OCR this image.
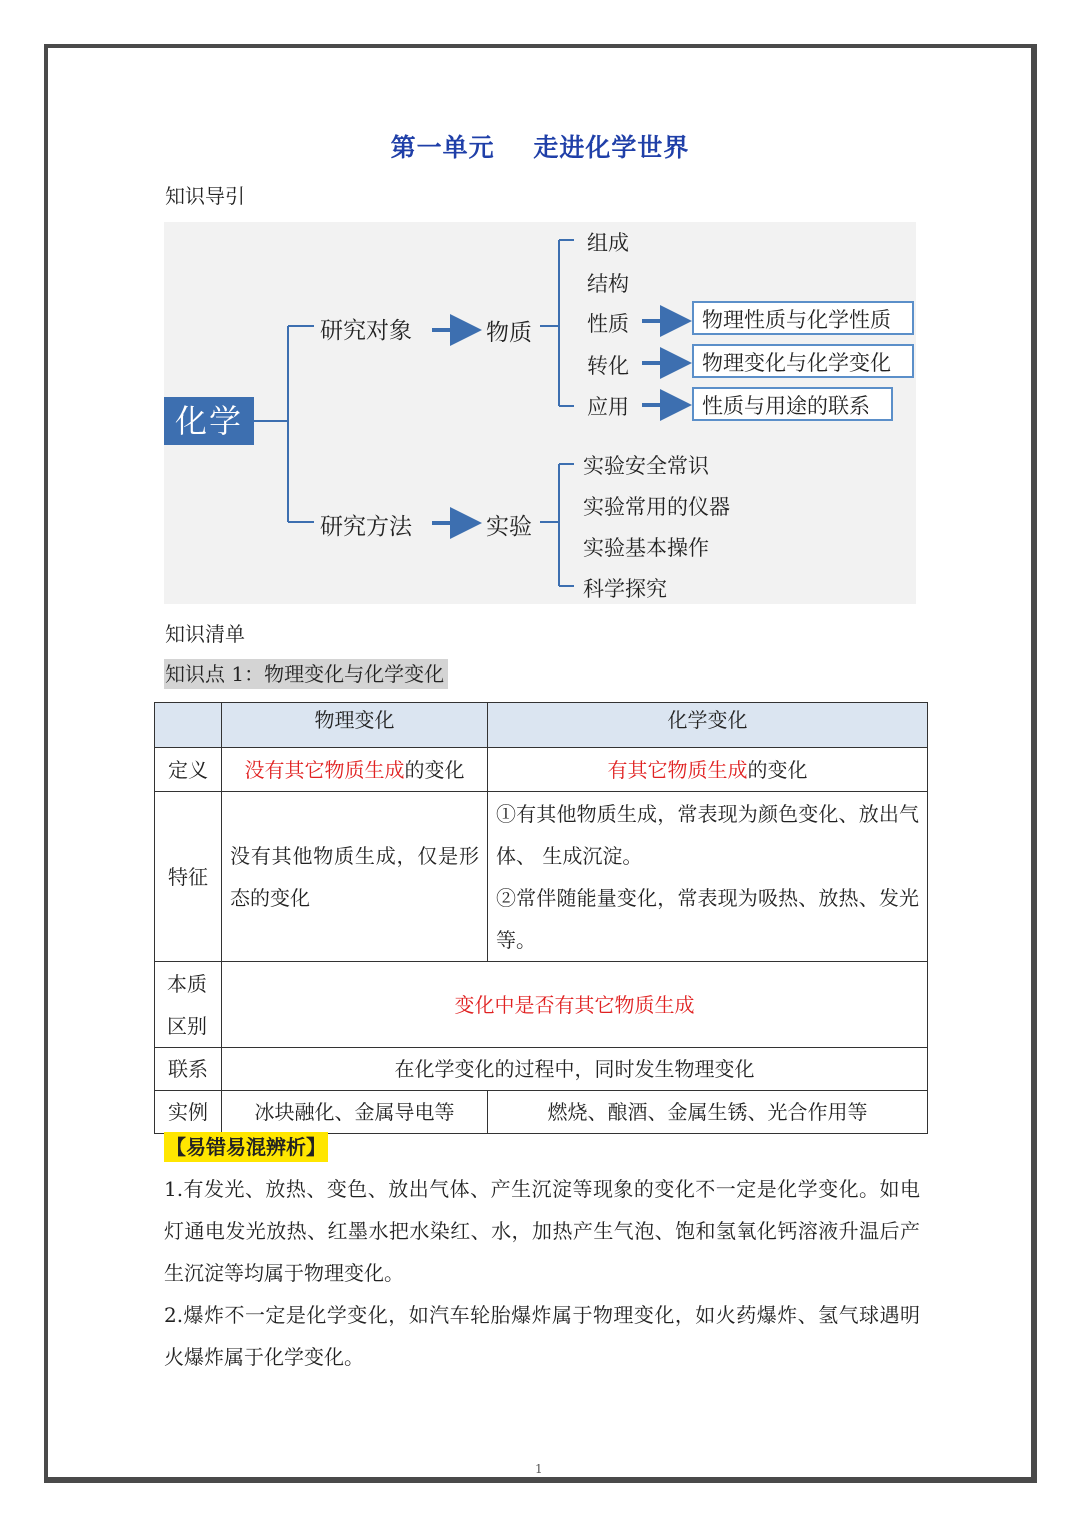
第一单元    走进化学世界
知识导引
化学
研究对象	物质
研究方法	实验
组成
结构
性质
转化
应用
物理性质与化学性质
物理变化与化学变化
性质与用途的联系
实验安全常识
实验常用的仪器
实验基本操作
科学探究
知识清单
知识点 1：物理变化与化学变化
	物理变化	化学变化
定义	没有其它物质生成的变化	有其它物质生成的变化
特征	没有其他物质生成，仅是形态的变化	①有其他物质生成，常表现为颜色变化、放出气体、 生成沉淀。
②常伴随能量变化，常表现为吸热、放热、发光等。

本质区别	变化中是否有其它物质生成	
联系	在化学变化的过程中，同时发生物理变化	
实例	冰块融化、金属导电等	燃烧、酿酒、金属生锈、光合作用等
【易错易混辨析】
1.有发光、放热、变色、放出气体、产生沉淀等现象的变化不一定是化学变化。如电灯通电发光放热、红墨水把水染红、水，加热产生气泡、饱和氢氧化钙溶液升温后产生沉淀等均属于物理变化。
2.爆炸不一定是化学变化，如汽车轮胎爆炸属于物理变化，如火药爆炸、氢气球遇明火爆炸属于化学变化。
1
